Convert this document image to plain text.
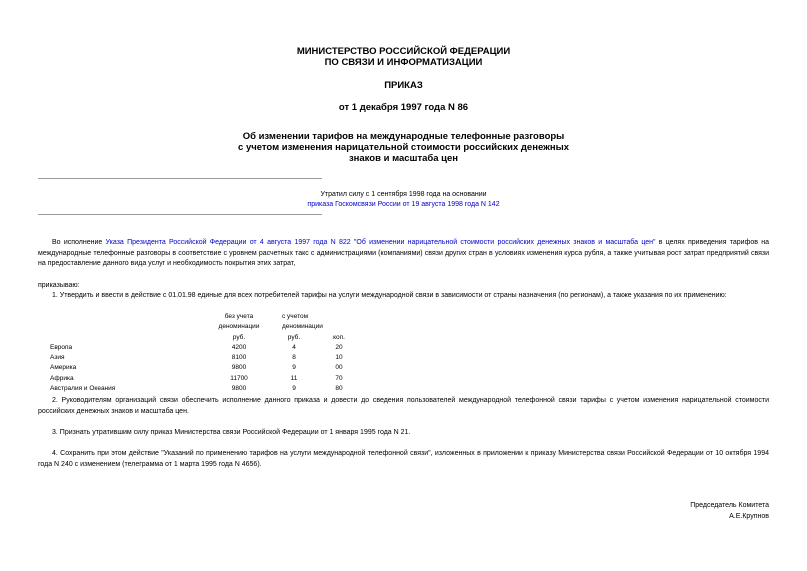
МИНИСТЕРСТВО РОССИЙСКОЙ ФЕДЕРАЦИИ
ПО СВЯЗИ И ИНФОРМАТИЗАЦИИ
ПРИКАЗ
от 1 декабря 1997 года N 86
Об изменении тарифов на международные телефонные разговоры
с учетом изменения нарицательной стоимости российских денежных
знаков и масштаба цен
Утратил силу с 1 сентября 1998 года на основании
приказа Госкомсвязи России от 19 августа 1998 года N 142
Во исполнение Указа Президента Российской Федерации от 4 августа 1997 года N 822 "Об изменении нарицательной стоимости российских денежных знаков и масштаба цен" в целях приведения тарифов на международные телефонные разговоры в соответствие с уровнем расчетных такс с администрациями (компаниями) связи других стран в условиях изменения курса рубля, а также учитывая рост затрат предприятий связи на предоставление данного вида услуг и необходимость покрытия этих затрат,
приказываю:
1. Утвердить и ввести в действие с 01.01.98 единые для всех потребителей тарифы на услуги международной связи в зависимости от страны назначения (по регионам), а также указания по их применению:
	без учета	с учетом	
	деноминации	деноминации	
	руб.	руб.	коп.
Европа	4200	4	20
Азия	8100	8	10
Америка	9800	9	00
Африка	11700	11	70
Австралия и Океания	9800	9	80
2. Руководителям организаций связи обеспечить исполнение данного приказа и довести до сведения пользователей международной телефонной связи тарифы с учетом изменения нарицательной стоимости российских денежных знаков и масштаба цен.
3. Признать утратившим силу приказ Министерства связи Российской Федерации от 1 января 1995 года N 21.
4. Сохранить при этом действие "Указаний по применению тарифов на услуги международной телефонной связи", изложенных в приложении к приказу Министерства связи Российской Федерации от 10 октября 1994 года N 240 с изменением (телеграмма от 1 марта 1995 года N 4656).
Председатель Комитета
А.Е.Крупнов
